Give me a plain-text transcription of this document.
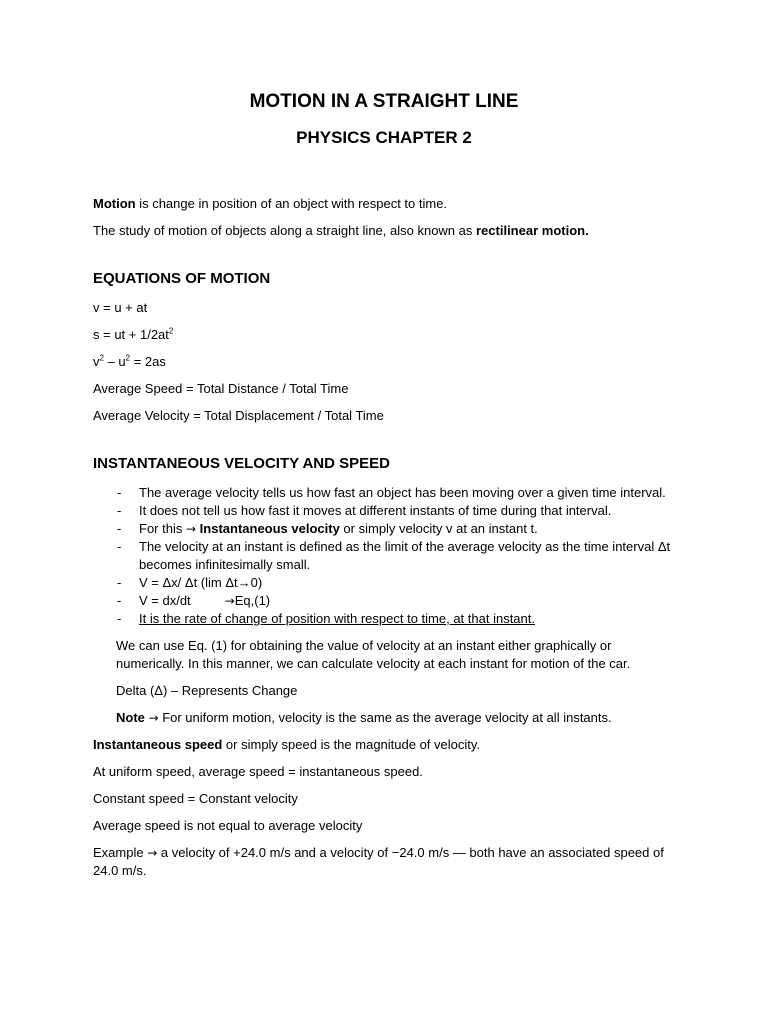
MOTION IN A STRAIGHT LINE
PHYSICS CHAPTER 2

Motion is change in position of an object with respect to time.

The study of motion of objects along a straight line, also known as rectilinear motion.

EQUATIONS OF MOTION

v = u + at

s = ut + $1/2at^2$

$v^2 - u^2 = 2as$

Average Speed = Total Distance / Total Time

Average Velocity = Total Displacement / Total Time

INSTANTANEOUS VELOCITY AND SPEED
- The average velocity tells us how fast an object has been moving over a given time interval.
- It does not tell us how fast it moves at different instants of time during that interval.
- For this → Instantaneous velocity or simply velocity v at an instant t.
- The velocity at an instant is defined as the limit of the average velocity as the time interval Δt becomes infinitesimally small.
- V = Δx/ Δt (lim Δt→0)
- V = dx/dt	→Eq,(1)
- It is the rate of change of position with respect to time, at that instant.

We can use Eq. (1) for obtaining the value of velocity at an instant either graphically or numerically. In this manner, we can calculate velocity at each instant for motion of the car.

Delta (Δ) – Represents Change

Note → For uniform motion, velocity is the same as the average velocity at all instants.

Instantaneous speed or simply speed is the magnitude of velocity.

At uniform speed, average speed = instantaneous speed.

Constant speed = Constant velocity

Average speed is not equal to average velocity

Example → a velocity of +24.0 m/s and a velocity of −24.0 m/s — both have an associated speed of 24.0 m/s.
